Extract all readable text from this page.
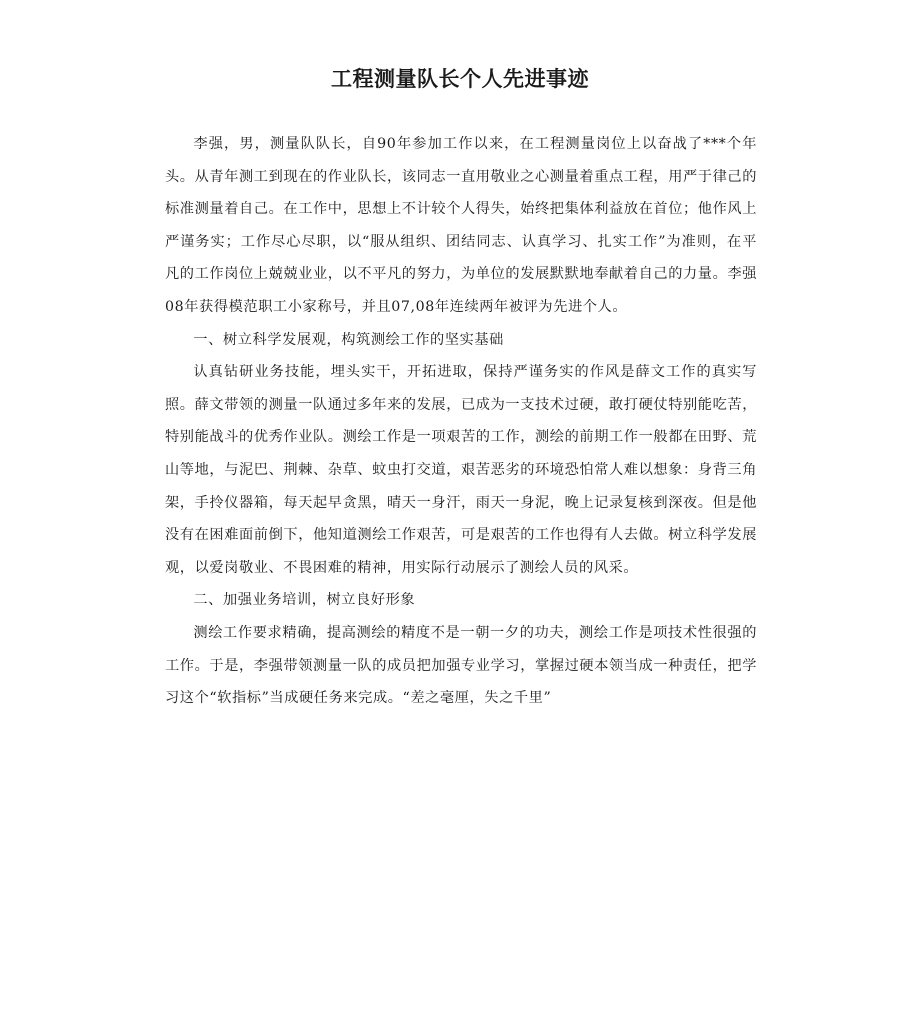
工程测量队长个人先进事迹

李强，男，测量队队长，自90年参加工作以来，在工程测量岗位上以奋战了***个年头。从青年测工到现在的作业队长，该同志一直用敬业之心测量着重点工程，用严于律己的标准测量着自己。在工作中，思想上不计较个人得失，始终把集体利益放在首位；他作风上严谨务实；工作尽心尽职，以“服从组织、团结同志、认真学习、扎实工作”为准则，在平凡的工作岗位上兢兢业业，以不平凡的努力，为单位的发展默默地奉献着自己的力量。李强08年获得模范职工小家称号，并且07,08年连续两年被评为先进个人。

一、树立科学发展观，构筑测绘工作的坚实基础

认真钻研业务技能，埋头实干，开拓进取，保持严谨务实的作风是薛文工作的真实写照。薛文带领的测量一队通过多年来的发展，已成为一支技术过硬，敢打硬仗特别能吃苦，特别能战斗的优秀作业队。测绘工作是一项艰苦的工作，测绘的前期工作一般都在田野、荒山等地，与泥巴、荆棘、杂草、蚊虫打交道，艰苦恶劣的环境恐怕常人难以想象：身背三角架，手拎仪器箱，每天起早贪黑，晴天一身汗，雨天一身泥，晚上记录复核到深夜。但是他没有在困难面前倒下，他知道测绘工作艰苦，可是艰苦的工作也得有人去做。树立科学发展观，以爱岗敬业、不畏困难的精神，用实际行动展示了测绘人员的风采。

二、加强业务培训，树立良好形象

测绘工作要求精确，提高测绘的精度不是一朝一夕的功夫，测绘工作是项技术性很强的工作。于是，李强带领测量一队的成员把加强专业学习，掌握过硬本领当成一种责任，把学习这个“软指标”当成硬任务来完成。“差之毫厘，失之千里”
